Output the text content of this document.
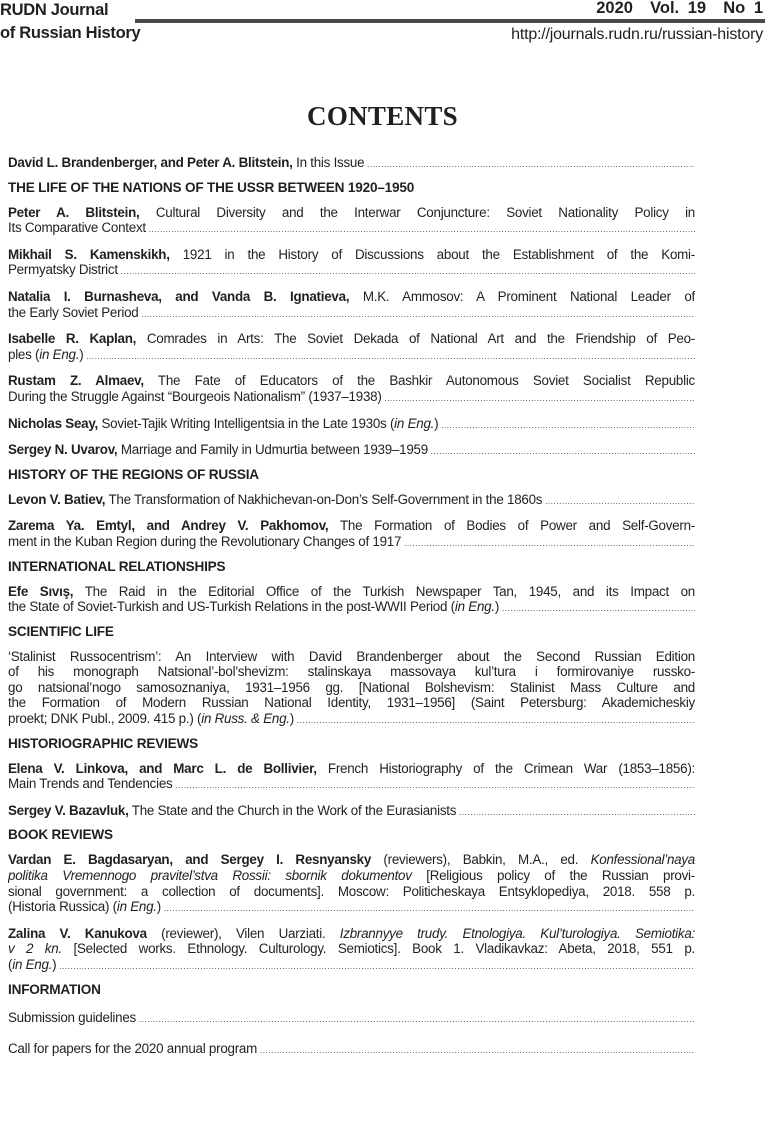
RUDN Journal
of Russian History
2020  Vol. 19  No 1
http://journals.rudn.ru/russian-history
CONTENTS
David L. Brandenberger, and Peter A. Blitstein, In this Issue .....
THE LIFE OF THE NATIONS OF THE USSR BETWEEN 1920–1950
Peter A. Blitstein, Cultural Diversity and the Interwar Conjuncture: Soviet Nationality Policy in
Its Comparative Context .....
Mikhail S. Kamenskikh, 1921 in the History of Discussions about the Establishment of the Komi-
Permyatsky District .....
Natalia I. Burnasheva, and Vanda B. Ignatieva, M.K. Ammosov: A Prominent National Leader of
the Early Soviet Period .....
Isabelle R. Kaplan, Comrades in Arts: The Soviet Dekada of National Art and the Friendship of Peo-
ples (in Eng.) .....
Rustam Z. Almaev, The Fate of Educators of the Bashkir Autonomous Soviet Socialist Republic
During the Struggle Against “Bourgeois Nationalism” (1937–1938) .....
Nicholas Seay, Soviet-Tajik Writing Intelligentsia in the Late 1930s (in Eng.) .....
Sergey N. Uvarov, Marriage and Family in Udmurtia between 1939–1959 .....
HISTORY OF THE REGIONS OF RUSSIA
Levon V. Batiev, The Transformation of Nakhichevan-on-Don’s Self-Government in the 1860s .....
Zarema Ya. Emtyl, and Andrey V. Pakhomov, The Formation of Bodies of Power and Self-Govern-
ment in the Kuban Region during the Revolutionary Changes of 1917 .....
INTERNATIONAL RELATIONSHIPS
Efe Sıvış, The Raid in the Editorial Office of the Turkish Newspaper Tan, 1945, and its Impact on
the State of Soviet-Turkish and US-Turkish Relations in the post-WWII Period (in Eng.) .....
SCIENTIFIC LIFE
‘Stalinist Russocentrism’: An Interview with David Brandenberger about the Second Russian Edition
of his monograph Natsional’-bol’shevizm: stalinskaya massovaya kul’tura i formirovaniye russko-
go natsional’nogo samosoznaniya, 1931–1956 gg. [National Bolshevism: Stalinist Mass Culture and
the Formation of Modern Russian National Identity, 1931–1956] (Saint Petersburg: Akademicheskiy
proekt; DNK Publ., 2009. 415 p.) (in Russ. & Eng.) .....
HISTORIOGRAPHIC REVIEWS
Elena V. Linkova, and Marc L. de Bollivier, French Historiography of the Crimean War (1853–1856):
Main Trends and Tendencies .....
Sergey V. Bazavluk, The State and the Church in the Work of the Eurasianists .....
BOOK REVIEWS
Vardan E. Bagdasaryan, and Sergey I. Resnyansky (reviewers), Babkin, M.A., ed. Konfessional’naya
politika Vremennogo pravitel’stva Rossii: sbornik dokumentov [Religious policy of the Russian provi-
sional government: a collection of documents]. Moscow: Politicheskaya Entsyklopediya, 2018. 558 p.
(Historia Russica) (in Eng.) .....
Zalina V. Kanukova (reviewer), Vilen Uarziati. Izbrannyye trudy. Etnologiya. Kul’turologiya. Semiotika:
v 2 kn. [Selected works. Ethnology. Culturology. Semiotics]. Book 1. Vladikavkaz: Abeta, 2018, 551 p.
(in Eng.) .....
INFORMATION
Submission guidelines .....
Call for papers for the 2020 annual program .....
